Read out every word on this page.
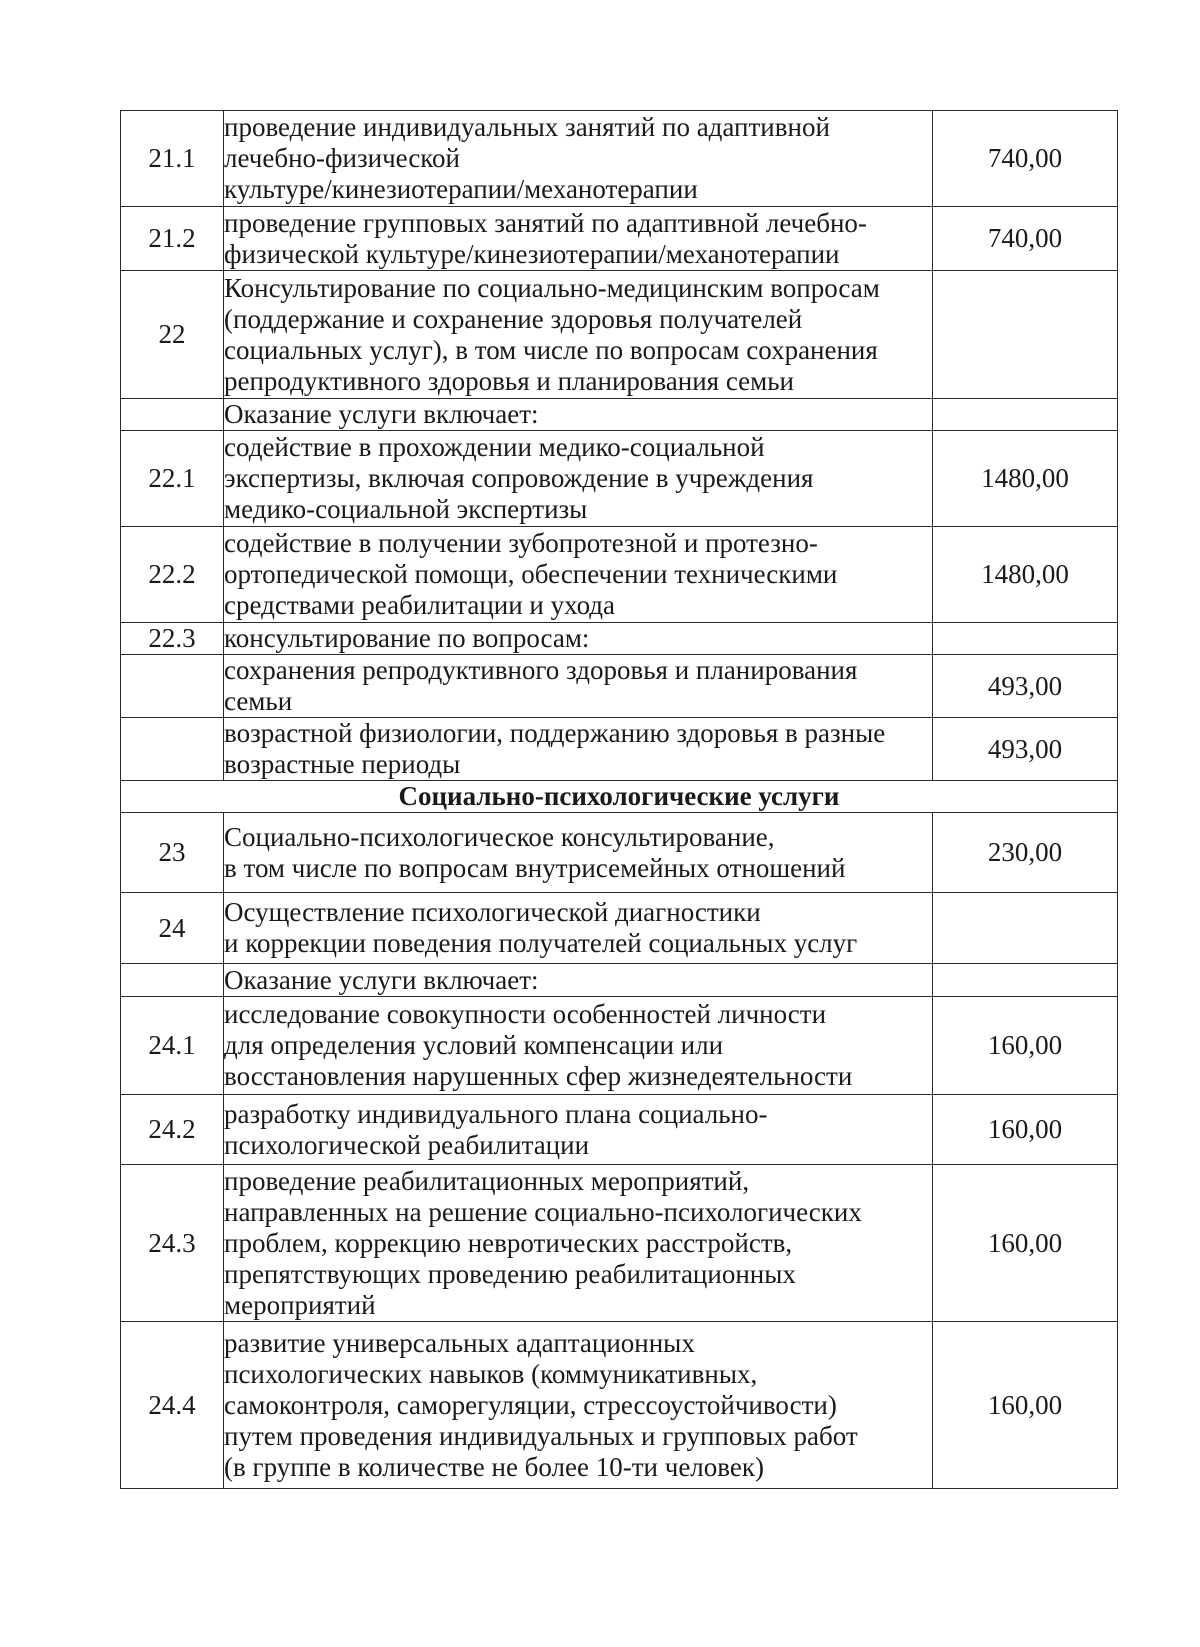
21.1	проведение индивидуальных занятий по адаптивной
лечебно-физической
культуре/кинезиотерапии/механотерапии	740,00
21.2	проведение групповых занятий по адаптивной лечебно-
физической культуре/кинезиотерапии/механотерапии	740,00
22	Консультирование по социально-медицинским вопросам
(поддержание и сохранение здоровья получателей
социальных услуг), в том числе по вопросам сохранения
репродуктивного здоровья и планирования семьи	
	Оказание услуги включает:	
22.1	содействие в прохождении медико-социальной
экспертизы, включая сопровождение в учреждения
медико-социальной экспертизы	1480,00
22.2	содействие в получении зубопротезной и протезно-
ортопедической помощи, обеспечении техническими
средствами реабилитации и ухода	1480,00
22.3	консультирование по вопросам:	
	сохранения репродуктивного здоровья и планирования
семьи	493,00
	возрастной физиологии, поддержанию здоровья в разные
возрастные периоды	493,00
Социально-психологические услуги		
23	Социально-психологическое консультирование,
в том числе по вопросам внутрисемейных отношений	230,00
24	Осуществление психологической диагностики
и коррекции поведения получателей социальных услуг	
	Оказание услуги включает:	
24.1	исследование совокупности особенностей личности
для определения условий компенсации или
восстановления нарушенных сфер жизнедеятельности	160,00
24.2	разработку индивидуального плана социально-
психологической реабилитации	160,00
24.3	проведение реабилитационных мероприятий,
направленных на решение социально-психологических
проблем, коррекцию невротических расстройств,
препятствующих проведению реабилитационных
мероприятий	160,00
24.4	развитие универсальных адаптационных
психологических навыков (коммуникативных,
самоконтроля, саморегуляции, стрессоустойчивости)
путем проведения индивидуальных и групповых работ
(в группе в количестве не более 10-ти человек)	160,00
